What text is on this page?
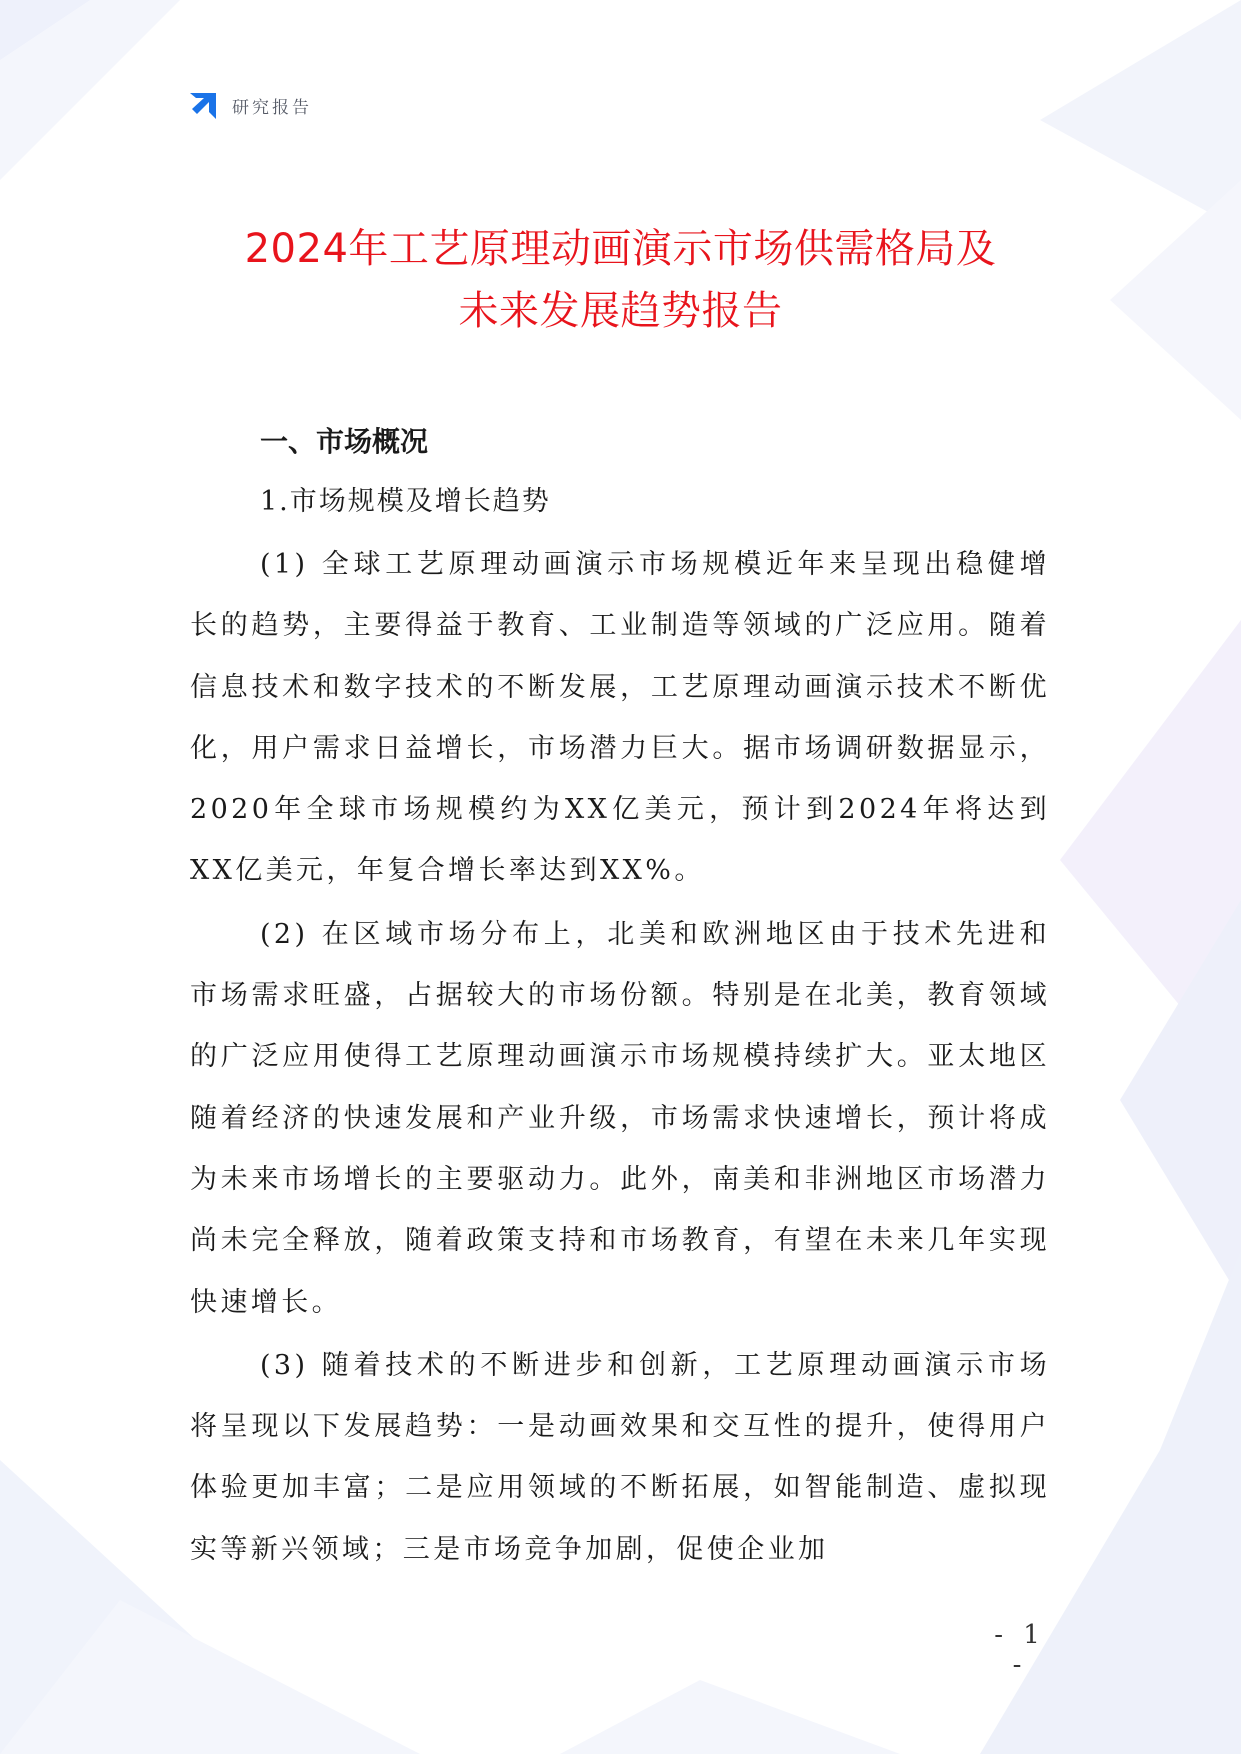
研究报告
2024年工艺原理动画演示市场供需格局及
未来发展趋势报告
一、市场概况
1.市场规模及增长趋势

(1) 全球工艺原理动画演示市场规模近年来呈现出稳健增长的趋势，主要得益于教育、工业制造等领域的广泛应用。随着信息技术和数字技术的不断发展，工艺原理动画演示技术不断优化，用户需求日益增长，市场潜力巨大。据市场调研数据显示，2020年全球市场规模约为XX亿美元，预计到2024年将达到XX亿美元，年复合增长率达到XX%。

(2) 在区域市场分布上，北美和欧洲地区由于技术先进和市场需求旺盛，占据较大的市场份额。特别是在北美，教育领域的广泛应用使得工艺原理动画演示市场规模持续扩大。亚太地区随着经济的快速发展和产业升级，市场需求快速增长，预计将成为未来市场增长的主要驱动力。此外，南美和非洲地区市场潜力尚未完全释放，随着政策支持和市场教育，有望在未来几年实现快速增长。

(3) 随着技术的不断进步和创新，工艺原理动画演示市场将呈现以下发展趋势：一是动画效果和交互性的提升，使得用户体验更加丰富；二是应用领域的不断拓展，如智能制造、虚拟现实等新兴领域；三是市场竞争加剧，促使企业加

- 1 -
